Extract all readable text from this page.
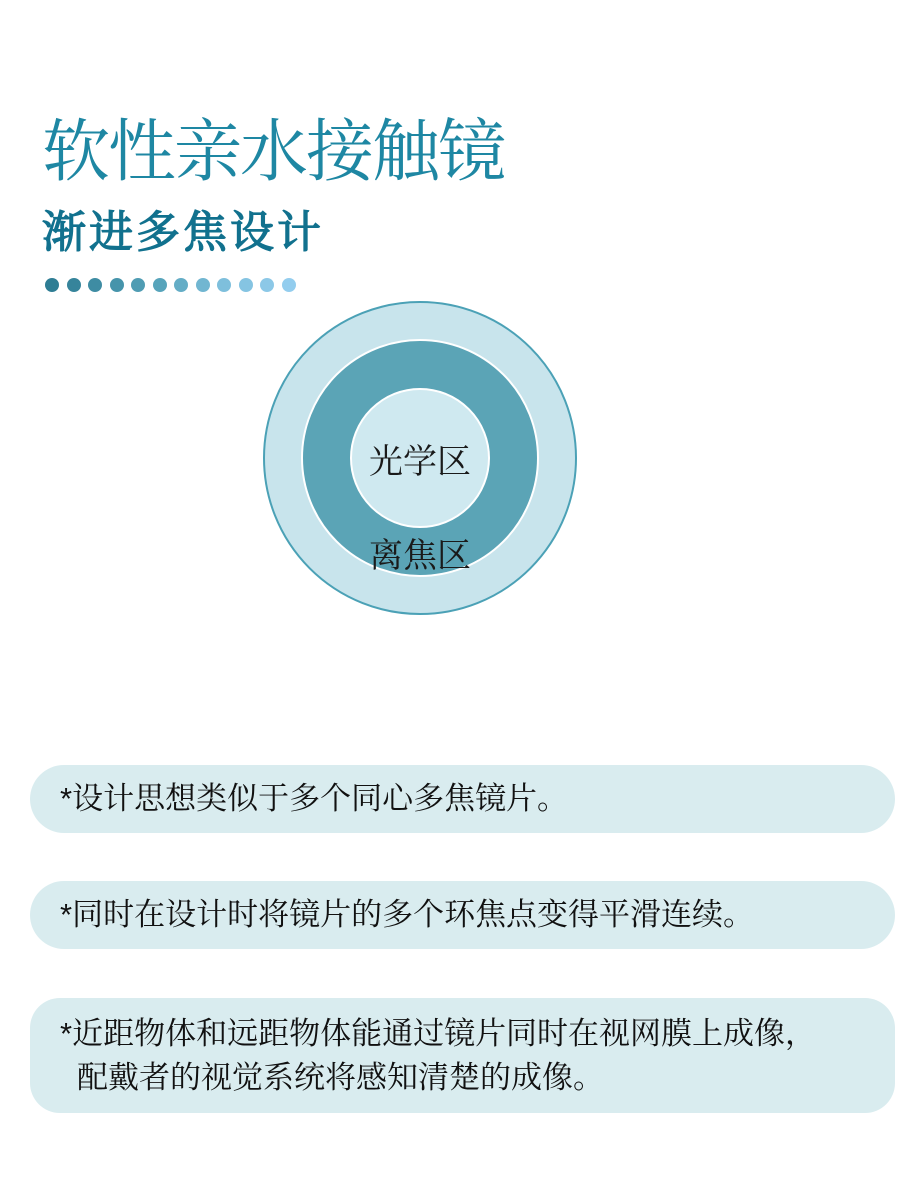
软性亲水接触镜
渐进多焦设计
光学区
离焦区
*设计思想类似于多个同心多焦镜片。
*同时在设计时将镜片的多个环焦点变得平滑连续。
*近距物体和远距物体能通过镜片同时在视网膜上成像，
配戴者的视觉系统将感知清楚的成像。
